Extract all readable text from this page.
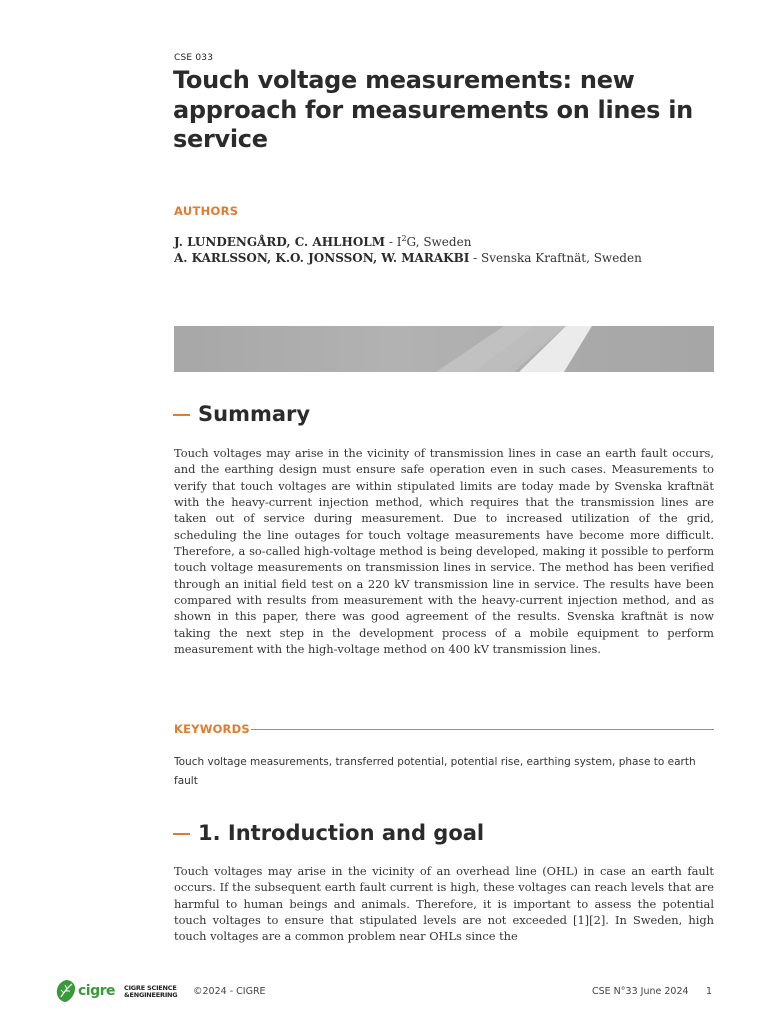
CSE 033
Touch voltage measurements: new approach for measurements on lines in service
AUTHORS
J. LUNDENGÅRD, C. AHLHOLM - $I^2G$, Sweden
A. KARLSSON, K.O. JONSSON, W. MARAKBI - Svenska Kraftnät, Sweden
Summary

Touch voltages may arise in the vicinity of transmission lines in case an earth fault occurs, and the earthing design must ensure safe operation even in such cases. Measurements to verify that touch voltages are within stipulated limits are today made by Svenska kraftnät with the heavy-current injection method, which requires that the transmission lines are taken out of service during measurement. Due to increased utilization of the grid, scheduling the line outages for touch voltage measurements have become more difficult. Therefore, a so-called high-voltage method is being developed, making it possible to perform touch voltage measurements on transmission lines in service. The method has been verified through an initial field test on a 220 kV transmission line in service. The results have been compared with results from measurement with the heavy-current injection method, and as shown in this paper, there was good agreement of the results. Svenska kraftnät is now taking the next step in the development process of a mobile equipment to perform measurement with the high-voltage method on 400 kV transmission lines.

KEYWORDS

Touch voltage measurements, transferred potential, potential rise, earthing system, phase to earth fault

1. Introduction and goal

Touch voltages may arise in the vicinity of an overhead line (OHL) in case an earth fault occurs. If the subsequent earth fault current is high, these voltages can reach levels that are harmful to human beings and animals. Therefore, it is important to assess the potential touch voltages to ensure that stipulated levels are not exceeded [1][2]. In Sweden, high touch voltages are a common problem near OHLs since the

cigre CIGRE SCIENCE
&ENGINEERING ©2024 - CIGRE	CSE N°33 June 2024 1
